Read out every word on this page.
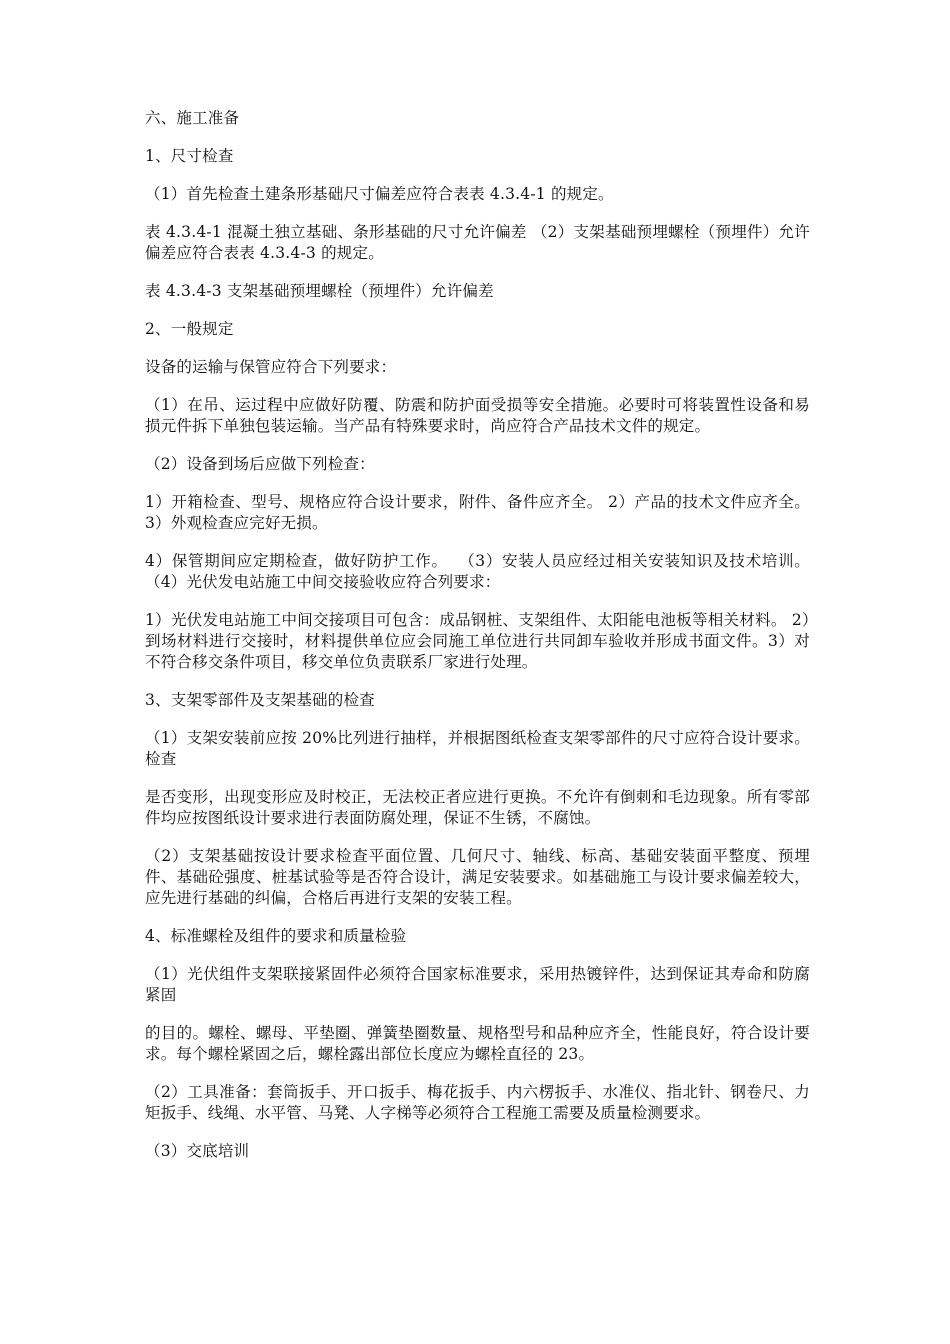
六、施工准备

1、尺寸检查

（1）首先检查土建条形基础尺寸偏差应符合表表 4.3.4-1 的规定。

表 4.3.4-1 混凝土独立基础、条形基础的尺寸允许偏差 （2）支架基础预埋螺栓（预埋件）允许偏差应符合表表 4.3.4-3 的规定。

表 4.3.4-3 支架基础预埋螺栓（预埋件）允许偏差

2、一般规定

设备的运输与保管应符合下列要求：

（1）在吊、运过程中应做好防覆、防震和防护面受损等安全措施。必要时可将装置性设备和易损元件拆下单独包装运输。当产品有特殊要求时，尚应符合产品技术文件的规定。

（2）设备到场后应做下列检查：

1）开箱检查、型号、规格应符合设计要求，附件、备件应齐全。 2）产品的技术文件应齐全。 3）外观检查应完好无损。

4）保管期间应定期检查，做好防护工作。  （3）安装人员应经过相关安装知识及技术培训。  （4）光伏发电站施工中间交接验收应符合列要求：

1）光伏发电站施工中间交接项目可包含：成品钢桩、支架组件、太阳能电池板等相关材料。 2）到场材料进行交接时，材料提供单位应会同施工单位进行共同卸车验收并形成书面文件。3）对不符合移交条件项目，移交单位负责联系厂家进行处理。

3、支架零部件及支架基础的检查

（1）支架安装前应按 20%比列进行抽样，并根据图纸检查支架零部件的尺寸应符合设计要求。检查

是否变形，出现变形应及时校正，无法校正者应进行更换。不允许有倒刺和毛边现象。所有零部件均应按图纸设计要求进行表面防腐处理，保证不生锈，不腐蚀。

（2）支架基础按设计要求检查平面位置、几何尺寸、轴线、标高、基础安装面平整度、预埋件、基础砼强度、桩基试验等是否符合设计，满足安装要求。如基础施工与设计要求偏差较大，应先进行基础的纠偏，合格后再进行支架的安装工程。

4、标准螺栓及组件的要求和质量检验

（1）光伏组件支架联接紧固件必须符合国家标准要求，采用热镀锌件，达到保证其寿命和防腐紧固

的目的。螺栓、螺母、平垫圈、弹簧垫圈数量、规格型号和品种应齐全，性能良好，符合设计要求。每个螺栓紧固之后，螺栓露出部位长度应为螺栓直径的 23。

（2）工具准备：套筒扳手、开口扳手、梅花扳手、内六楞扳手、水准仪、指北针、钢卷尺、力矩扳手、线绳、水平管、马凳、人字梯等必须符合工程施工需要及质量检测要求。

（3）交底培训
